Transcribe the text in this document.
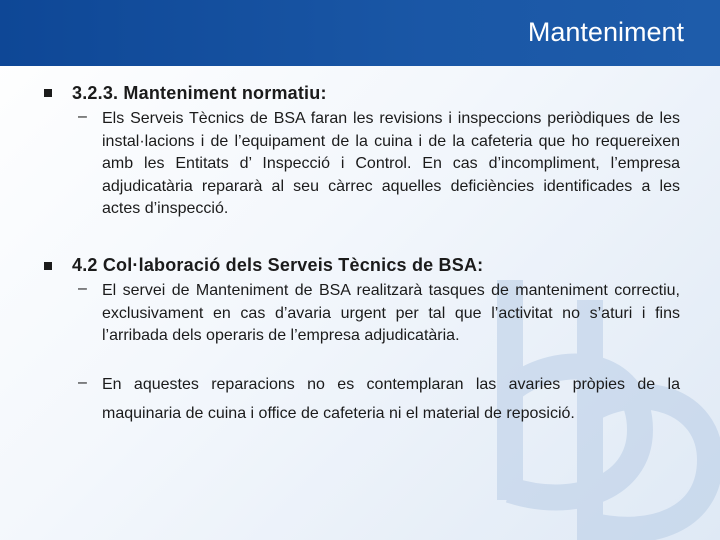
Manteniment
3.2.3. Manteniment normatiu:
– Els Serveis Tècnics de BSA faran les revisions i inspeccions periòdiques de les instal·lacions i de l’equipament de la cuina i de la cafeteria que ho requereixen amb les Entitats d’ Inspecció i Control. En cas d’incompliment, l’empresa adjudicatària repararà al seu càrrec aquelles deficiències identificades a les actes d’inspecció.
4.2 Col·laboració dels Serveis Tècnics de BSA:
– El servei de Manteniment de BSA realitzarà tasques de manteniment correctiu, exclusivament en cas d’avaria urgent per tal que l’activitat no s’aturi i fins l’arribada dels operaris de l’empresa adjudicatària.
– En aquestes reparacions no es contemplaran las avaries pròpies de la maquinaria de cuina i office de cafeteria ni el material de reposició.
